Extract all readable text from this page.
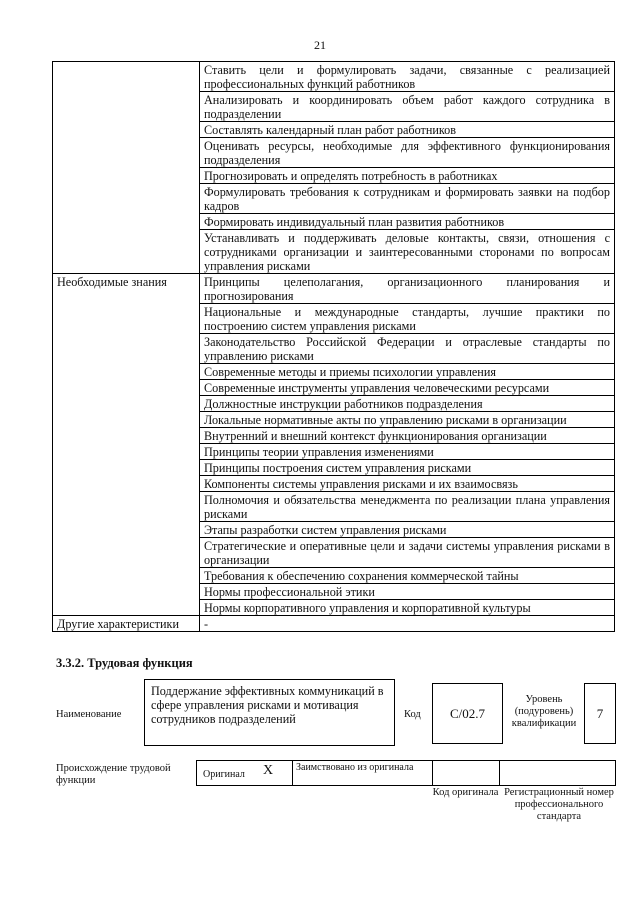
21
	Ставить цели и формулировать задачи, связанные с реализацией профессиональных функций работников
	Анализировать и координировать объем работ каждого сотрудника в подразделении
	Составлять календарный план работ работников
	Оценивать ресурсы, необходимые для эффективного функционирования подразделения
	Прогнозировать и определять потребность в работниках
	Формулировать требования к сотрудникам и формировать заявки на подбор кадров
	Формировать индивидуальный план развития работников
	Устанавливать и поддерживать деловые контакты, связи, отношения с сотрудниками организации и заинтересованными сторонами по вопросам управления рисками
Необходимые знания	Принципы целеполагания, организационного планирования и прогнозирования
	Национальные и международные стандарты, лучшие практики по построению систем управления рисками
	Законодательство Российской Федерации и отраслевые стандарты по управлению рисками
	Современные методы и приемы психологии управления
	Современные инструменты управления человеческими ресурсами
	Должностные инструкции работников подразделения
	Локальные нормативные акты по управлению рисками в организации
	Внутренний и внешний контекст функционирования организации
	Принципы теории управления изменениями
	Принципы построения систем управления рисками
	Компоненты системы управления рисками и их взаимосвязь
	Полномочия и обязательства менеджмента по реализации плана управления рисками
	Этапы разработки систем управления рисками
	Стратегические и оперативные цели и задачи системы управления рисками в организации
	Требования к обеспечению сохранения коммерческой тайны
	Нормы профессиональной этики
	Нормы корпоративного управления и корпоративной культуры
Другие характеристики	-
3.3.2. Трудовая функция
Наименование
Поддержание эффективных коммуникаций в сфере управления рисками и мотивация сотрудников подразделений	Код	C/02.7
Уровень (подуровень) квалификации
7
Происхождение трудовой функции
Оригинал X Заимствовано из оригинала
Код оригинала Регистрационный номер профессионального стандарта
